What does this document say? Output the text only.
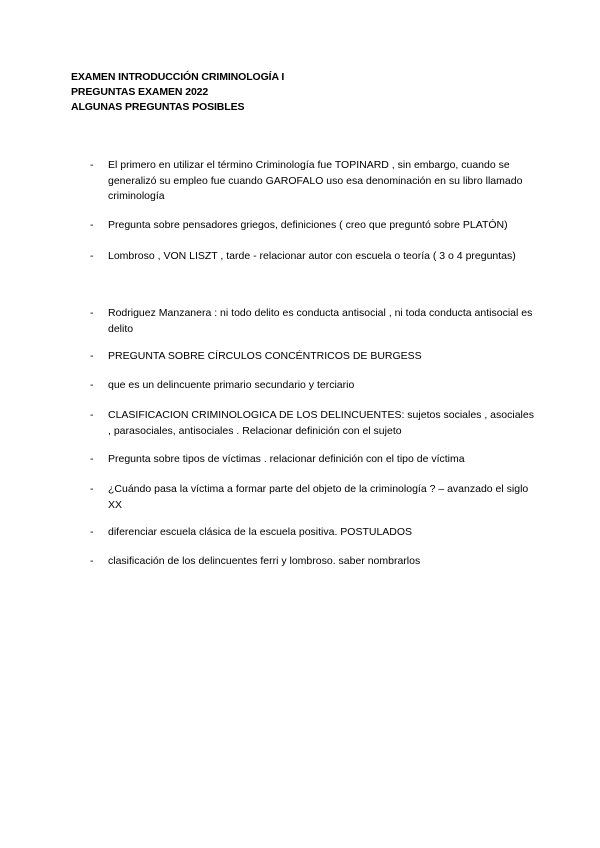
EXAMEN INTRODUCCIÓN CRIMINOLOGÍA I
PREGUNTAS EXAMEN 2022
ALGUNAS PREGUNTAS POSIBLES
-	El primero en utilizar el término Criminología fue TOPINARD , sin embargo, cuando se generalizó su empleo fue cuando GAROFALO uso esa denominación en su libro llamado criminología
-	Pregunta sobre pensadores griegos, definiciones ( creo que preguntó sobre PLATÓN)
-	Lombroso , VON LISZT , tarde - relacionar autor con escuela o teoría ( 3 o 4 preguntas)
-	Rodriguez Manzanera : ni todo delito es conducta antisocial , ni toda conducta antisocial es delito
-	PREGUNTA SOBRE CÍRCULOS CONCÉNTRICOS DE BURGESS
-	que es un delincuente primario secundario y terciario
-	CLASIFICACION CRIMINOLOGICA DE LOS DELINCUENTES: sujetos sociales , asociales , parasociales, antisociales . Relacionar definición con el sujeto
-	Pregunta sobre tipos de víctimas . relacionar definición con el tipo de víctima
-	¿Cuándo pasa la víctima a formar parte del objeto de la criminología ? – avanzado el siglo XX
-	diferenciar escuela clásica de la escuela positiva. POSTULADOS
-	clasificación de los delincuentes ferri y lombroso. saber nombrarlos
